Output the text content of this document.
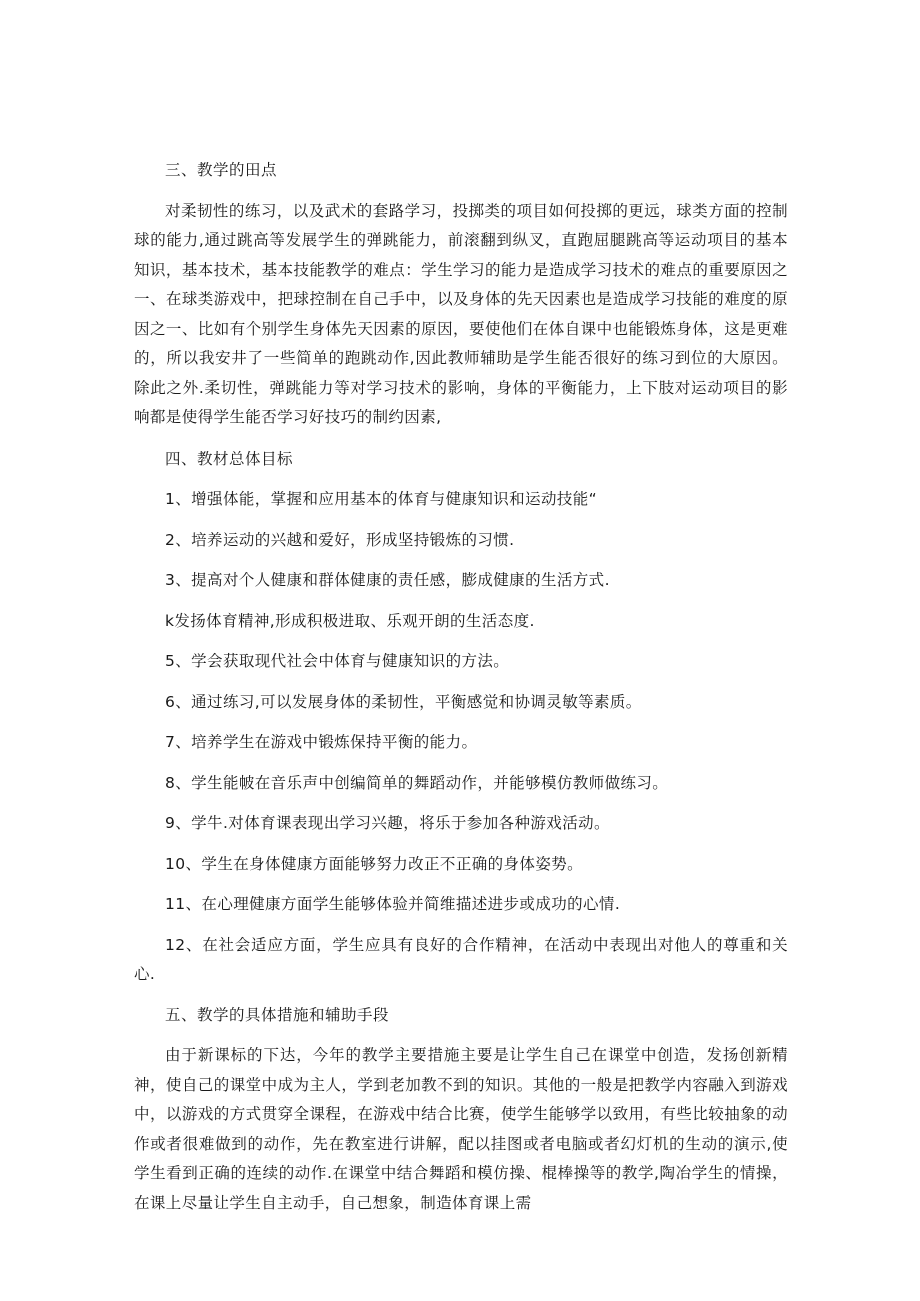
三、教学的田点

对柔韧性的练习，以及武术的套路学习，投掷类的项目如何投掷的更远，球类方面的控制球的能力,通过跳高等发展学生的弹跳能力，前滚翻到纵叉，直跑屈腿跳高等运动项目的基本知识，基本技术，基本技能教学的难点：学生学习的能力是造成学习技术的难点的重要原因之一、在球类游戏中，把球控制在自己手中，以及身体的先天因素也是造成学习技能的难度的原因之一、比如有个别学生身体先天因素的原因，要使他们在体自课中也能锻炼身体，这是更难的，所以我安井了一些简单的跑跳动作,因此教师辅助是学生能否很好的练习到位的大原因。除此之外.柔切性，弹跳能力等对学习技术的影响，身体的平衡能力，上下肢对运动项目的影响都是使得学生能否学习好技巧的制约因素,

四、教材总体目标

1、增强体能，掌握和应用基本的体育与健康知识和运动技能“

2、培养运动的兴越和爱好，形成坚持锻炼的习惯.

3、提高对个人健康和群体健康的责任感，膨成健康的生活方式.

k发扬体育精神,形成积极进取、乐观开朗的生活态度.

5、学会获取现代社会中体育与健康知识的方法。

6、通过练习,可以发展身体的柔韧性，平衡感觉和协调灵敏等素质。

7、培养学生在游戏中锻炼保持平衡的能力。

8、学生能帔在音乐声中创编简单的舞蹈动作，并能够模仿教师做练习。

9、学牛.对体育课表现出学习兴趣，将乐于参加各种游戏活动。

10、学生在身体健康方面能够努力改正不正确的身体姿势。

11、在心理健康方面学生能够体验并简维描述进步或成功的心情.

12、在社会适应方面，学生应具有良好的合作精神，在活动中表现出对他人的尊重和关心.

五、教学的具体措施和辅助手段

由于新课标的下达，今年的教学主要措施主要是让学生自己在课堂中创造，发扬创新精神，使自己的课堂中成为主人，学到老加教不到的知识。其他的一般是把教学内容融入到游戏中，以游戏的方式贯穿全课程，在游戏中结合比赛，使学生能够学以致用，有些比较抽象的动作或者很难做到的动作，先在教室进行讲解，配以挂图或者电脑或者幻灯机的生动的演示,使学生看到正确的连续的动作.在课堂中结合舞蹈和模仿操、棍棒操等的教学,陶冶学生的情操，在课上尽量让学生自主动手，自己想象，制造体育课上需
